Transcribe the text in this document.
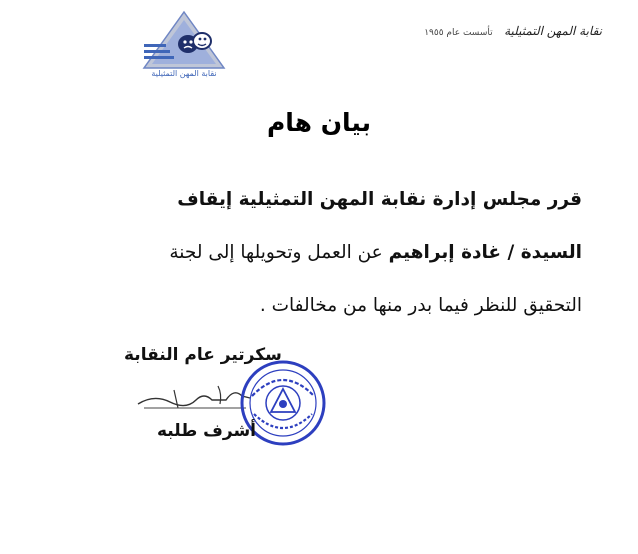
نقابة المهن التمثيلية
نقابة المهن التمثيلية تأسست عام ١٩٥٥
بيان هام
قرر مجلس إدارة نقابة المهن التمثيلية إيقاف
السيدة / غادة إبراهيم عن العمل وتحويلها إلى لجنة
التحقيق للنظر فيما بدر منها من مخالفات .
سكرتير عام النقابة
أشرف طلبه
